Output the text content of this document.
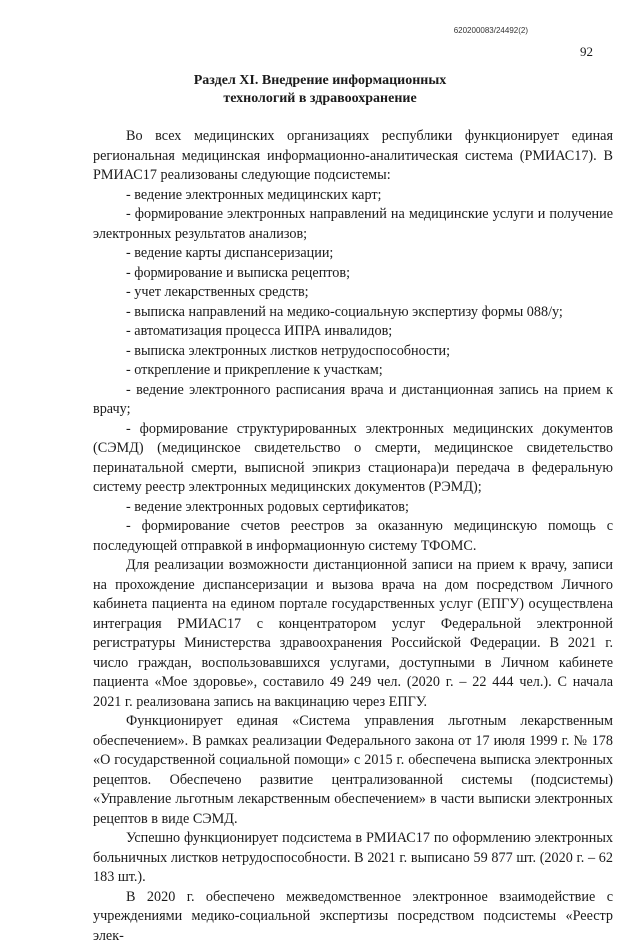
620200083/24492(2)
92
Раздел XI. Внедрение информационных
технологий в здравоохранение

Во всех медицинских организациях республики функционирует единая региональная медицинская информационно-аналитическая система (РМИАС17). В РМИАС17 реализованы следующие подсистемы:

- ведение электронных медицинских карт;

- формирование электронных направлений на медицинские услуги и получение электронных результатов анализов;

- ведение карты диспансеризации;

- формирование и выписка рецептов;

- учет лекарственных средств;

- выписка направлений на медико-социальную экспертизу формы 088/у;

- автоматизация процесса ИПРА инвалидов;

- выписка электронных листков нетрудоспособности;

- открепление и прикрепление к участкам;

- ведение электронного расписания врача и дистанционная запись на прием к врачу;

- формирование структурированных электронных медицинских документов (СЭМД) (медицинское свидетельство о смерти, медицинское свидетельство перинатальной смерти, выписной эпикриз стационара)и передача в федеральную систему реестр электронных медицинских документов (РЭМД);

- ведение электронных родовых сертификатов;

- формирование счетов реестров за оказанную медицинскую помощь с последующей отправкой в информационную систему ТФОМС.

Для реализации возможности дистанционной записи на прием к врачу, записи на прохождение диспансеризации и вызова врача на дом посредством Личного кабинета пациента на едином портале государственных услуг (ЕПГУ) осуществлена интеграция РМИАС17 с концентратором услуг Федеральной электронной регистратуры Министерства здравоохранения Российской Федерации. В 2021 г. число граждан, воспользовавшихся услугами, доступными в Личном кабинете пациента «Мое здоровье», составило 49 249 чел. (2020 г. – 22 444 чел.). С начала 2021 г. реализована запись на вакцинацию через ЕПГУ.

Функционирует единая «Система управления льготным лекарственным обеспечением». В рамках реализации Федерального закона от 17 июля 1999 г. № 178 «О государственной социальной помощи» с 2015 г. обеспечена выписка электронных рецептов. Обеспечено развитие централизованной системы (подсистемы) «Управление льготным лекарственным обеспечением» в части выписки электронных рецептов в виде СЭМД.

Успешно функционирует подсистема в РМИАС17 по оформлению электронных больничных листков нетрудоспособности. В 2021 г. выписано 59 877 шт. (2020 г. – 62 183 шт.).

В 2020 г. обеспечено межведомственное электронное взаимодействие с учреждениями медико-социальной экспертизы посредством подсистемы «Реестр элек-
